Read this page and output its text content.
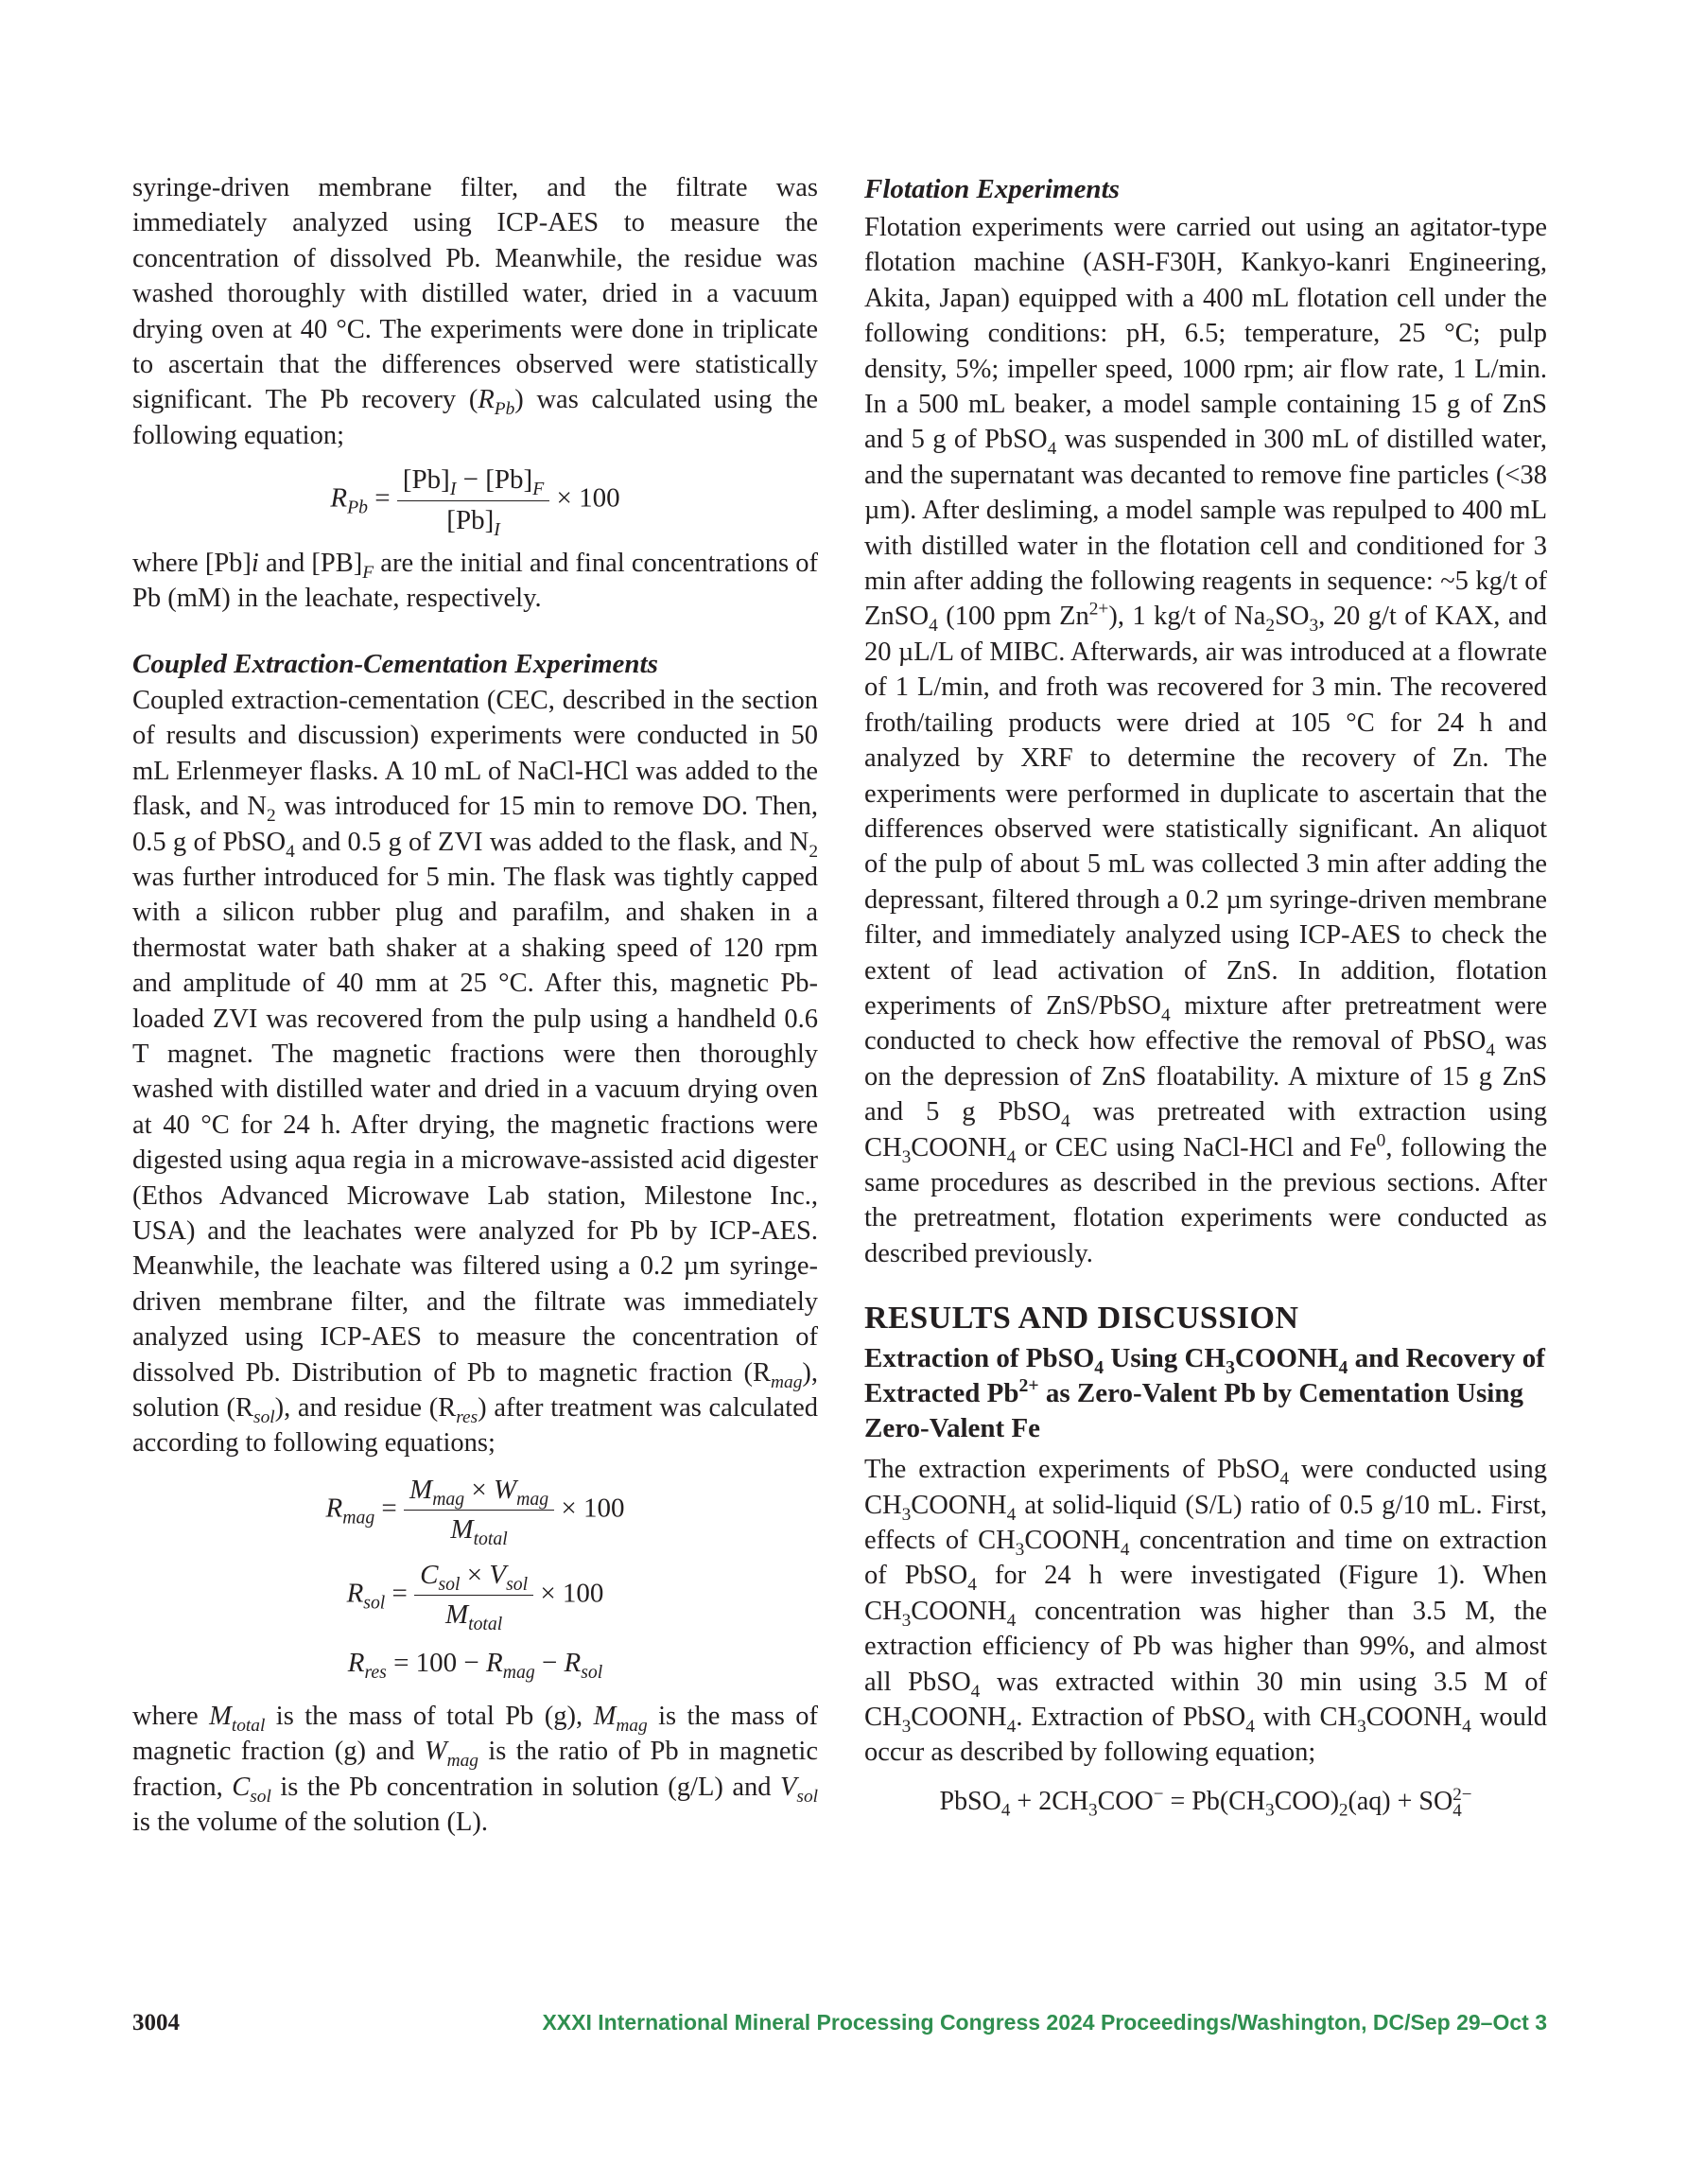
syringe-driven membrane filter, and the filtrate was immediately analyzed using ICP-AES to measure the concentration of dissolved Pb. Meanwhile, the residue was washed thoroughly with distilled water, dried in a vacuum drying oven at 40 °C. The experiments were done in triplicate to ascertain that the differences observed were statistically significant. The Pb recovery $(R_{Pb})$ was calculated using the following equation;

$R_{Pb} = \frac{[Pb]_I - [Pb]_F}{[Pb]_I} \times 100$

where [Pb]i and $[PB]_F$ are the initial and final concentrations of Pb (mM) in the leachate, respectively.

Coupled Extraction-Cementation Experiments

Coupled extraction-cementation (CEC, described in the section of results and discussion) experiments were conducted in 50 mL Erlenmeyer flasks. A 10 mL of NaCl-HCl was added to the flask, and $N_2$ was introduced for 15 min to remove DO. Then, 0.5 g of PbSO$_4$ and 0.5 g of ZVI was added to the flask, and $N_2$ was further introduced for 5 min. The flask was tightly capped with a silicon rubber plug and parafilm, and shaken in a thermostat water bath shaker at a shaking speed of 120 rpm and amplitude of 40 mm at 25 °C. After this, magnetic Pb-loaded ZVI was recovered from the pulp using a handheld 0.6 T magnet. The magnetic fractions were then thoroughly washed with distilled water and dried in a vacuum drying oven at 40 °C for 24 h. After drying, the magnetic fractions were digested using aqua regia in a microwave-assisted acid digester (Ethos Advanced Microwave Lab station, Milestone Inc., USA) and the leachates were analyzed for Pb by ICP-AES. Meanwhile, the leachate was filtered using a 0.2 µm syringe-driven membrane filter, and the filtrate was immediately analyzed using ICP-AES to measure the concentration of dissolved Pb. Distribution of Pb to magnetic fraction $(R_{mag})$, solution $(R_{sol})$, and residue $(R_{res})$ after treatment was calculated according to following equations;

$R_{mag} = \frac{M_{mag} \times W_{mag}}{M_{total}} \times 100$
$R_{sol} = \frac{C_{sol} \times V_{sol}}{M_{total}} \times 100$
$R_{res} = 100 - R_{mag} - R_{sol}$

where $M_{total}$ is the mass of total Pb (g), $M_{mag}$ is the mass of magnetic fraction (g) and $W_{mag}$ is the ratio of Pb in magnetic fraction, $C_{sol}$ is the Pb concentration in solution (g/L) and $V_{sol}$ is the volume of the solution (L).

Flotation Experiments

Flotation experiments were carried out using an agitator-type flotation machine (ASH-F30H, Kankyo-kanri Engineering, Akita, Japan) equipped with a 400 mL flotation cell under the following conditions: pH, 6.5; temperature, 25 °C; pulp density, 5%; impeller speed, 1000 rpm; air flow rate, 1 L/min. In a 500 mL beaker, a model sample containing 15 g of ZnS and 5 g of PbSO$_4$ was suspended in 300 mL of distilled water, and the supernatant was decanted to remove fine particles (<38 µm). After desliming, a model sample was repulped to 400 mL with distilled water in the flotation cell and conditioned for 3 min after adding the following reagents in sequence: ~5 kg/t of ZnSO$_4$ (100 ppm $Zn^{2+}$), 1 kg/t of $Na_2SO_3$, 20 g/t of KAX, and 20 µL/L of MIBC. Afterwards, air was introduced at a flowrate of 1 L/min, and froth was recovered for 3 min. The recovered froth/tailing products were dried at 105 °C for 24 h and analyzed by XRF to determine the recovery of Zn. The experiments were performed in duplicate to ascertain that the differences observed were statistically significant. An aliquot of the pulp of about 5 mL was collected 3 min after adding the depressant, filtered through a 0.2 µm syringe-driven membrane filter, and immediately analyzed using ICP-AES to check the extent of lead activation of ZnS. In addition, flotation experiments of ZnS/PbSO$_4$ mixture after pretreatment were conducted to check how effective the removal of PbSO$_4$ was on the depression of ZnS floatability. A mixture of 15 g ZnS and 5 g PbSO$_4$ was pretreated with extraction using $CH_3COONH_4$ or CEC using NaCl-HCl and Fe$^0$, following the same procedures as described in the previous sections. After the pretreatment, flotation experiments were conducted as described previously.

RESULTS AND DISCUSSION
Extraction of PbSO$_4$ Using $CH_3COONH_4$ and Recovery of Extracted $Pb^{2+}$ as Zero-Valent Pb by Cementation Using Zero-Valent Fe

The extraction experiments of PbSO$_4$ were conducted using $CH_3COONH_4$ at solid-liquid (S/L) ratio of 0.5 g/10 mL. First, effects of $CH_3COONH_4$ concentration and time on extraction of PbSO$_4$ for 24 h were investigated (Figure 1). When $CH_3COONH_4$ concentration was higher than 3.5 M, the extraction efficiency of Pb was higher than 99%, and almost all PbSO$_4$ was extracted within 30 min using 3.5 M of $CH_3COONH_4$. Extraction of PbSO$_4$ with $CH_3COONH_4$ would occur as described by following equation;

PbSO$_4$ + $2CH_3COO^- = Pb(CH_3COO)_2(aq)$ + SO 2−
4
3004	XXXI International Mineral Processing Congress 2024 Proceedings/Washington, DC/Sep 29–Oct 3
